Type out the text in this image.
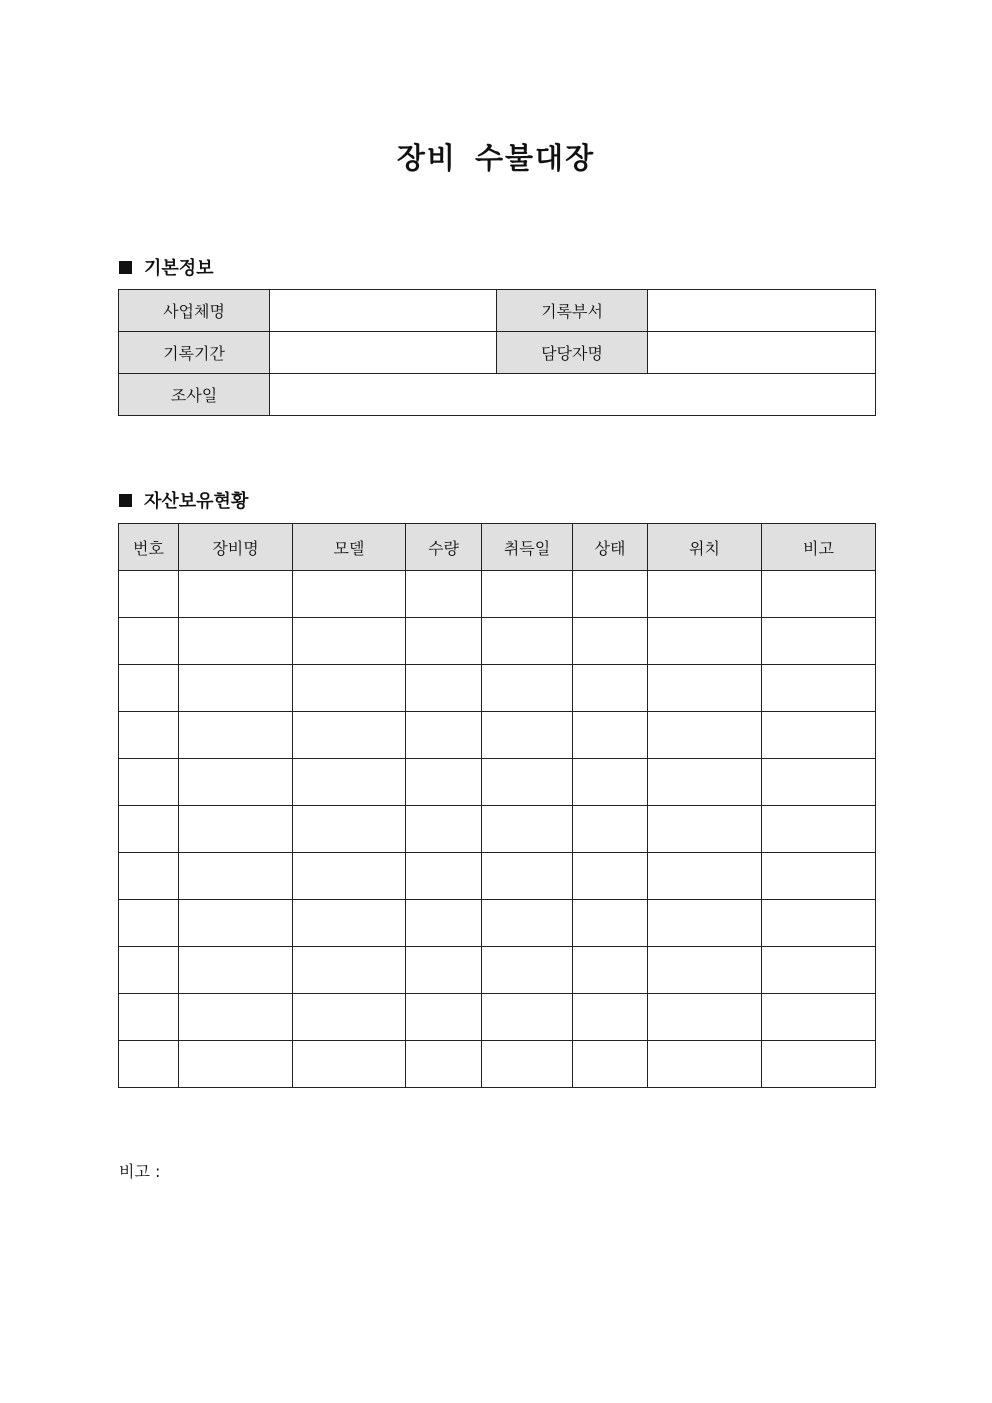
장비 수불대장
기본정보
사업체명		기록부서	
기록기간		담당자명	
조사일			
자산보유현황
번호	장비명	모델	수량	취득일	상태	위치	비고

비고 :
